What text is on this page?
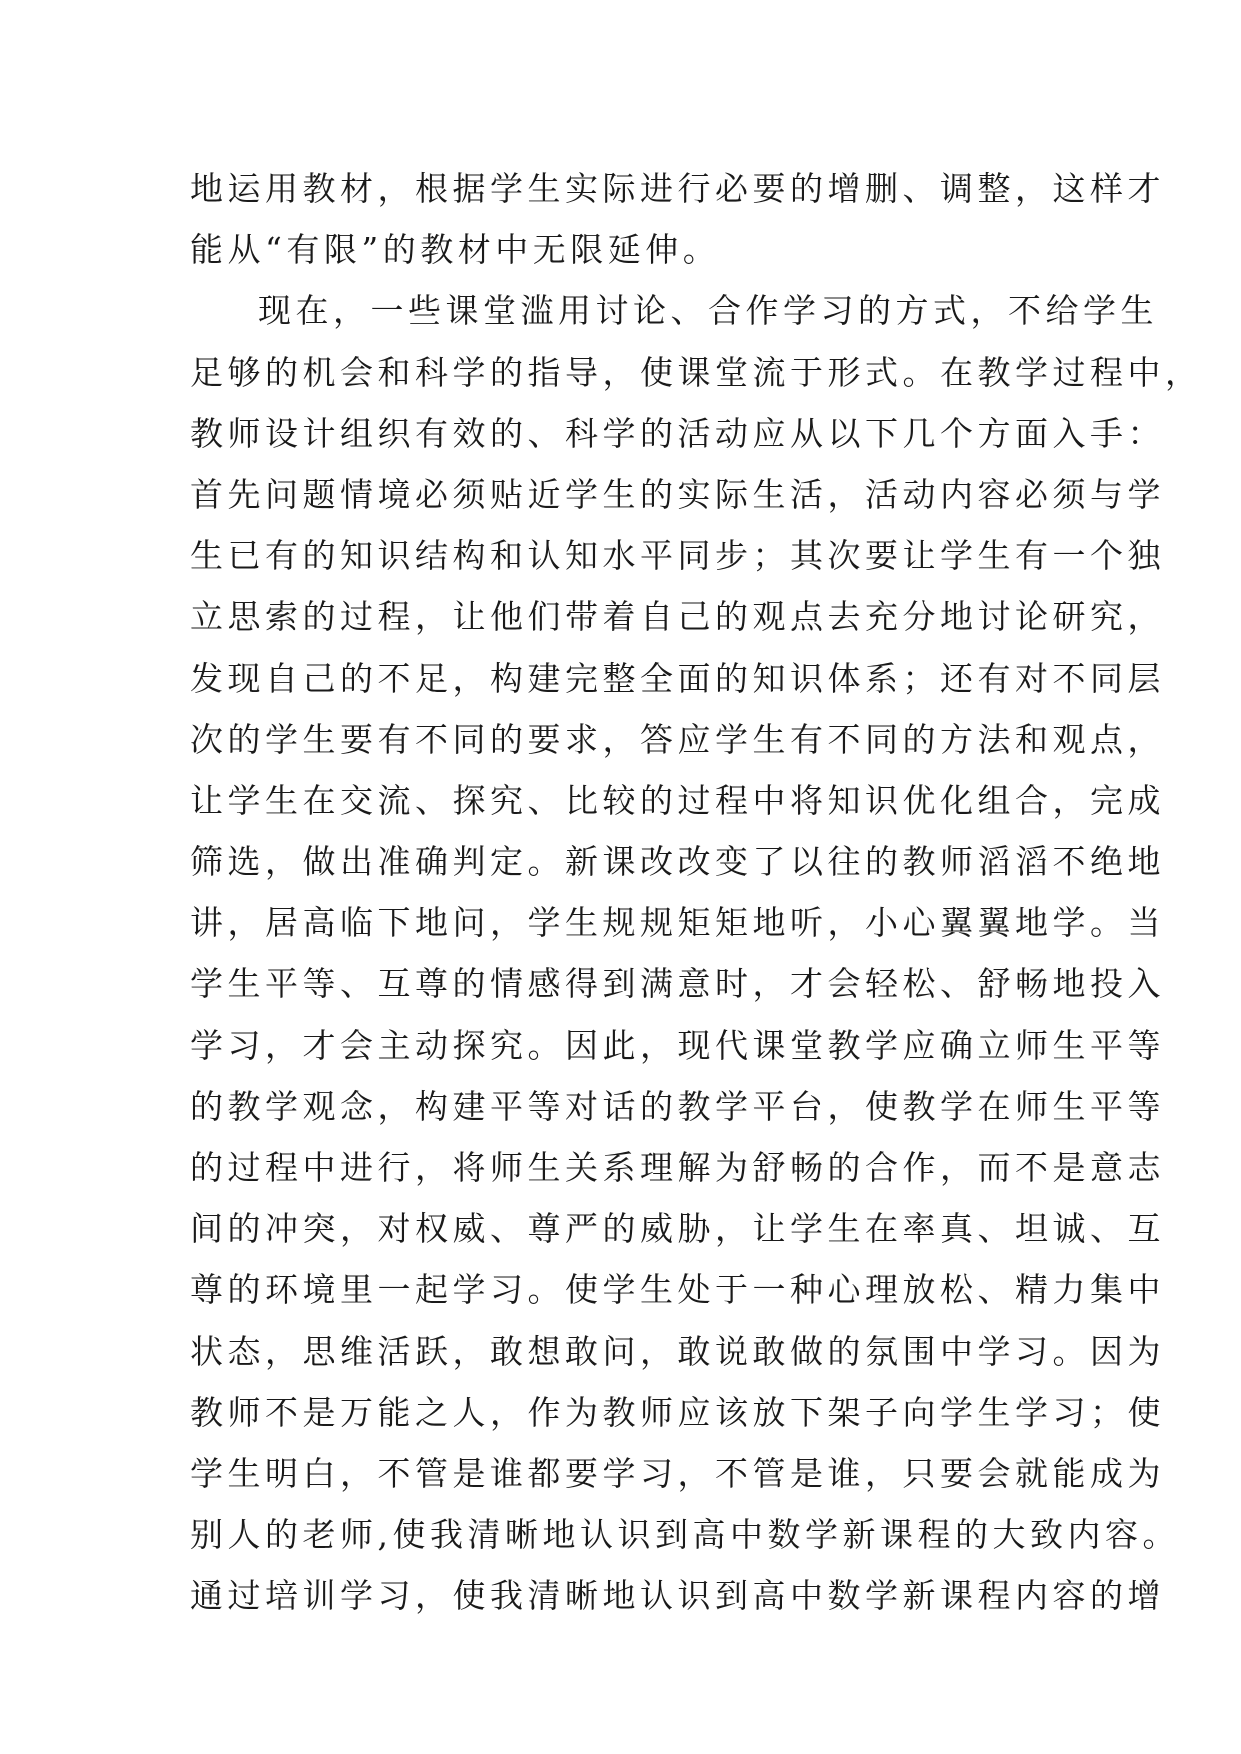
地运用教材，根据学生实际进行必要的增删、调整，这样才
能从“有限”的教材中无限延伸。
现在，一些课堂滥用讨论、合作学习的方式，不给学生
足够的机会和科学的指导，使课堂流于形式。在教学过程中，
教师设计组织有效的、科学的活动应从以下几个方面入手：
首先问题情境必须贴近学生的实际生活，活动内容必须与学
生已有的知识结构和认知水平同步；其次要让学生有一个独
立思索的过程，让他们带着自己的观点去充分地讨论研究，
发现自己的不足，构建完整全面的知识体系；还有对不同层
次的学生要有不同的要求，答应学生有不同的方法和观点，
让学生在交流、探究、比较的过程中将知识优化组合，完成
筛选，做出准确判定。新课改改变了以往的教师滔滔不绝地
讲，居高临下地问，学生规规矩矩地听，小心翼翼地学。当
学生平等、互尊的情感得到满意时，才会轻松、舒畅地投入
学习，才会主动探究。因此，现代课堂教学应确立师生平等
的教学观念，构建平等对话的教学平台，使教学在师生平等
的过程中进行，将师生关系理解为舒畅的合作，而不是意志
间的冲突，对权威、尊严的威胁，让学生在率真、坦诚、互
尊的环境里一起学习。使学生处于一种心理放松、精力集中
状态，思维活跃，敢想敢问，敢说敢做的氛围中学习。因为
教师不是万能之人，作为教师应该放下架子向学生学习；使
学生明白，不管是谁都要学习，不管是谁，只要会就能成为
别人的老师,使我清晰地认识到高中数学新课程的大致内容。
通过培训学习，使我清晰地认识到高中数学新课程内容的增
